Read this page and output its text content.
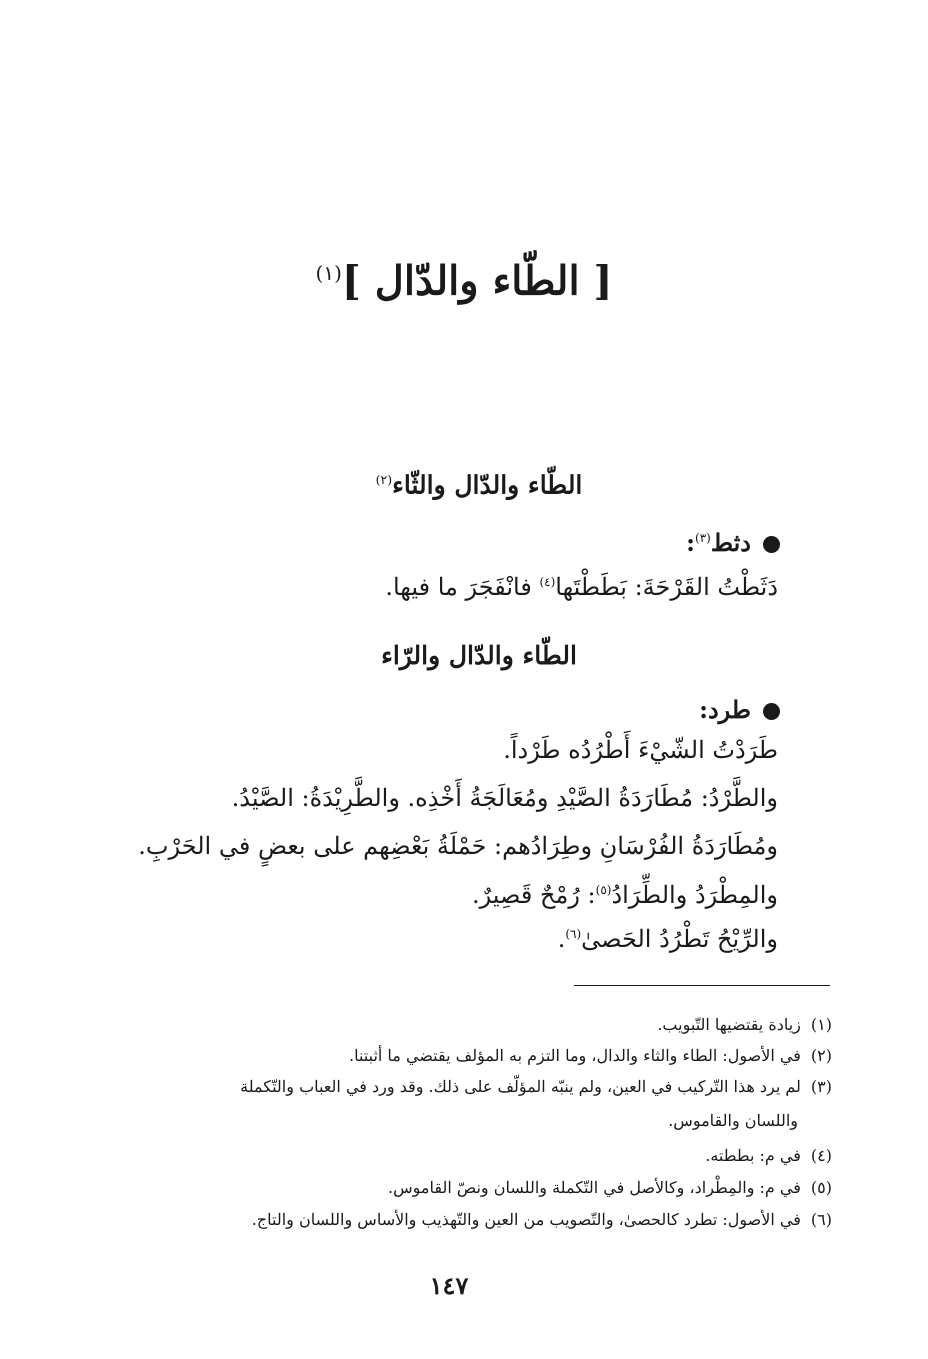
[ الطّاء والدّال ]$^{(١)}$
الطّاء والدّال والثّاء$^{(٢)}$
دثط$^{(٣)}$:
دَثَطْتُ القَرْحَةَ: بَطَطْتَها$^{(٤)}$ فانْفَجَرَ ما فيها.
الطّاء والدّال والرّاء
طرد:
طَرَدْتُ الشّيْءَ أَطْرُدُه طَرْداً.
والطَّرْدُ: مُطَارَدَةُ الصَّيْدِ ومُعَالَجَةُ أَخْذِه. والطَّرِيْدَةُ: الصَّيْدُ.
ومُطَارَدَةُ الفُرْسَانِ وطِرَادُهم: حَمْلَةُ بَعْضِهم على بعضٍ في الحَرْبِ.
والمِطْرَدُ والطِّرَادُ$^{(٥)}$: رُمْحٌ قَصِيرٌ.
والرِّيْحُ تَطْرُدُ الحَصىٰ$^{(٦)}$.
(١)زيادة يقتضيها التّبويب.
(٢)في الأصول: الطاء والثاء والدال، وما التزم به المؤلف يقتضي ما أثبتنا.
(٣)لم يرد هذا التّركيب في العين، ولم ينبّه المؤلّف على ذلك. وقد ورد في العباب والتّكملة
واللسان والقاموس.
(٤)في م: بططته.
(٥)في م: والمِطْراد، وكالأصل في التّكملة واللسان ونصّ القاموس.
(٦)في الأصول: تطرد كالحصىٰ، والتّصويب من العين والتّهذيب والأساس واللسان والتاج.
١٤٧
